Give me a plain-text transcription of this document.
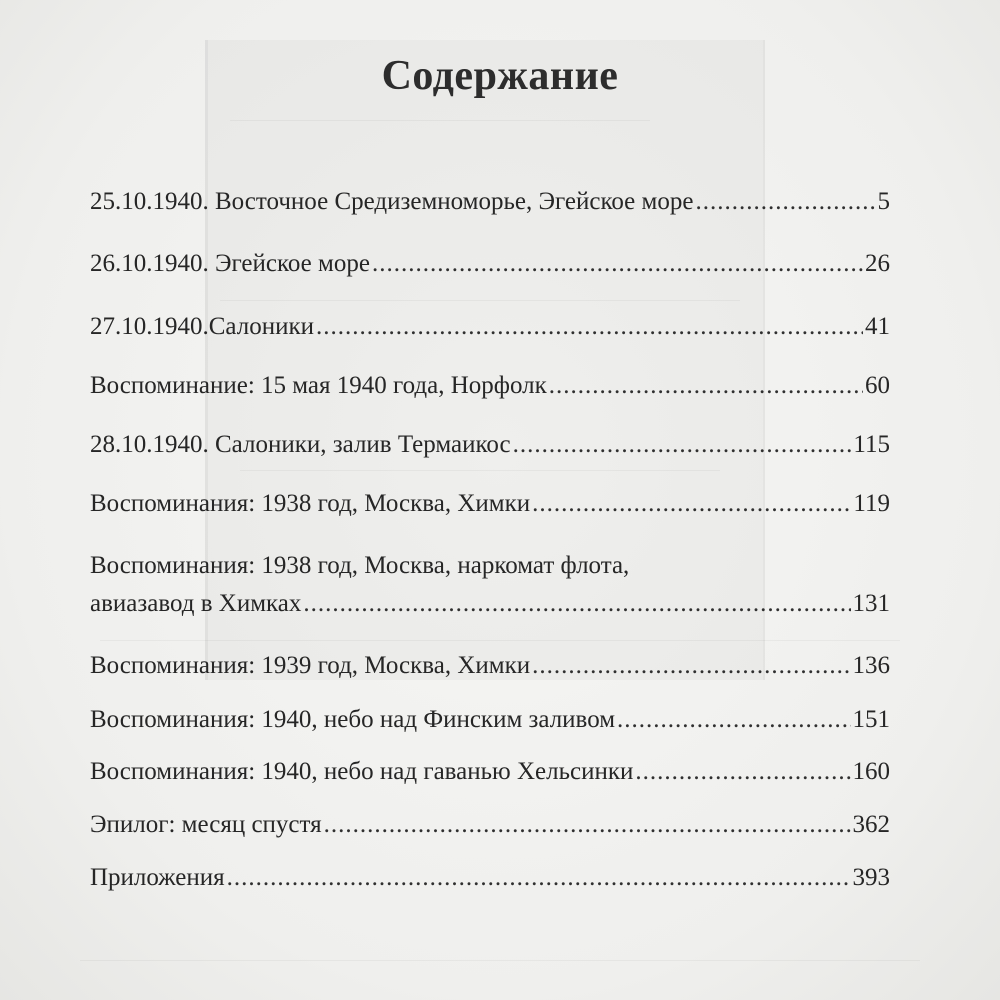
Содержание
25.10.1940. Восточное Средиземноморье, Эгейское море .....	5
26.10.1940. Эгейское море .....	26
27.10.1940.Салоники .....	41
Воспоминание: 15 мая 1940 года, Норфолк .....	60
28.10.1940. Салоники, залив Термаикос .....	115
Воспоминания: 1938 год, Москва, Химки .....	119
Воспоминания: 1938 год, Москва, наркомат флота,
авиазавод в Химках .....	131
Воспоминания: 1939 год, Москва, Химки .....	136
Воспоминания: 1940, небо над Финским заливом .....	151
Воспоминания: 1940, небо над гаванью Хельсинки .....	160
Эпилог: месяц спустя .....	362
Приложения .....	393
